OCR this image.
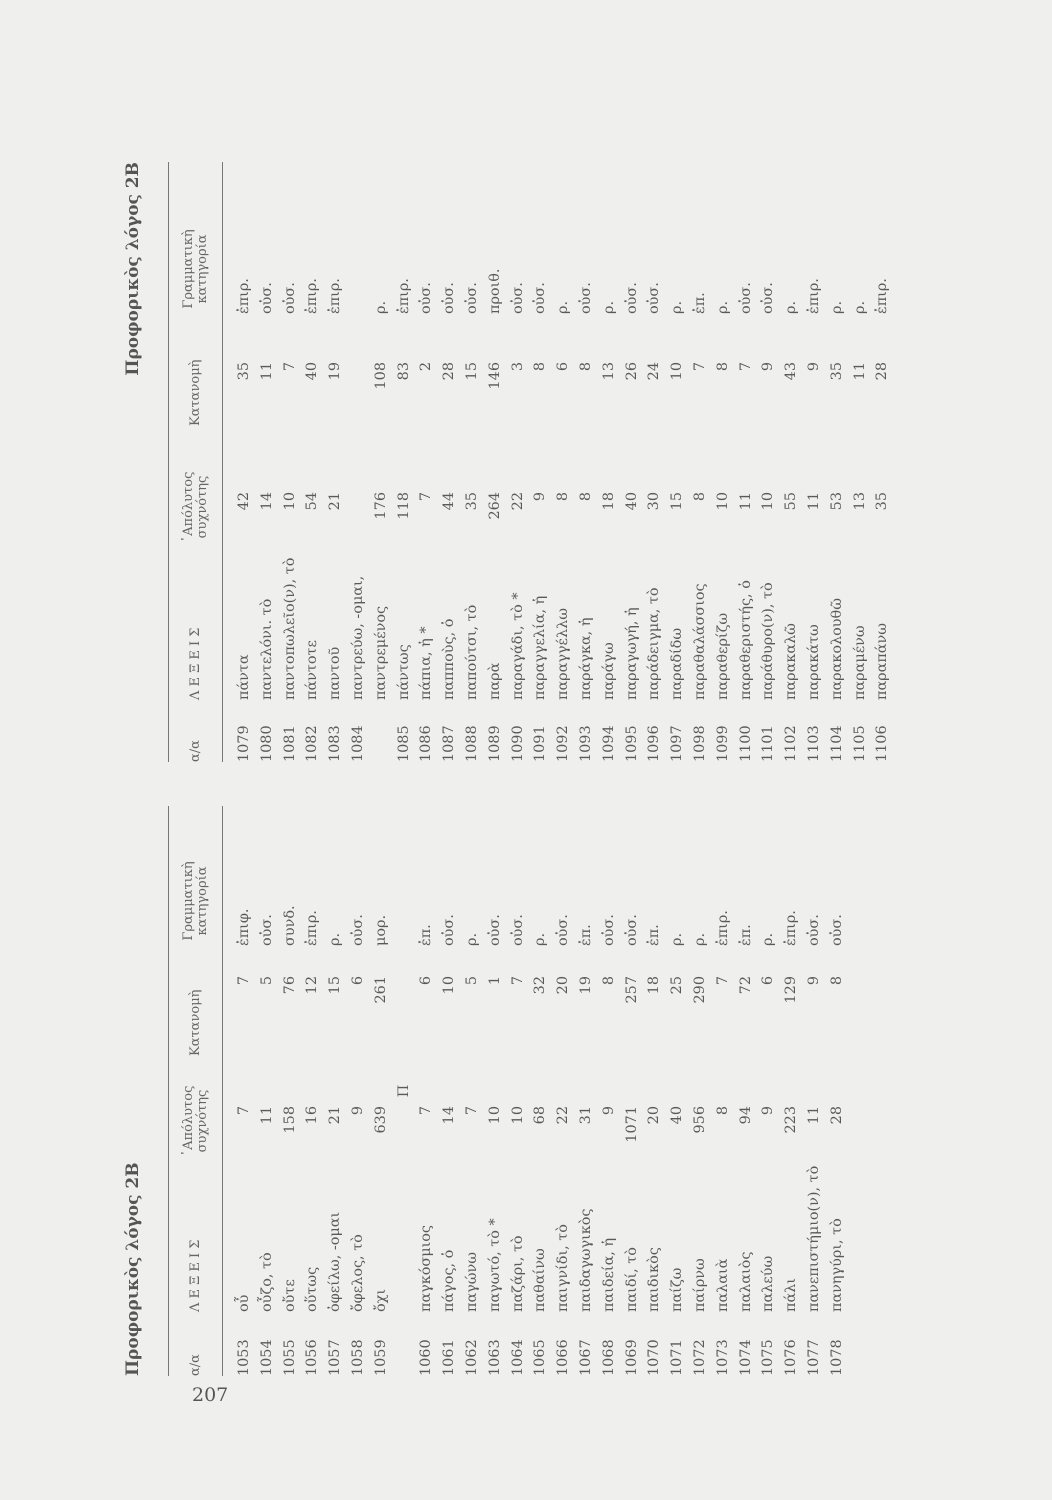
Προφορικὸς λόγος 2Β	α/α
Λ Ε Ξ Ε Ι Σ
῾Απόλυτος
συχνότης
Κατανομὴ
Γραμματικὴ
κατηγορία
1053
οὖ
7
7
ἐπιφ.
1054
οὖζο, τὸ
11
5
οὐσ.
1055
οὔτε
158
76
συνδ.
1056
οὕτως
16
12
ἐπιρ.
1057
ὀφείλω, -ομαι
21
15
ρ.
1058
ὄφελος, τὸ
9
6
οὐσ.
1059
ὄχι
639
261
μορ.
Π
1060
παγκόσμιος
7
6
ἐπ.
1061
πάγος, ὁ
14
10
οὐσ.
1062
παγώνω
7
5
ρ.
1063
παγωτό, τὸ *
10
1
οὐσ.
1064
παζάρι, τὸ
10
7
οὐσ.
1065
παθαίνω
68
32
ρ.
1066
παιγνίδι, τὸ
22
20
οὐσ.
1067
παιδαγωγικὸς
31
19
ἐπ.
1068
παιδεία, ἡ
9
8
οὐσ.
1069
παιδί, τὸ
1071
257
οὐσ.
1070
παιδικὸς
20
18
ἐπ.
1071
παίζω
40
25
ρ.
1072
παίρνω
956
290
ρ.
1073
παλαιὰ
8
7
ἐπιρ.
1074
παλαιὸς
94
72
ἐπ.
1075
παλεύω
9
6
ρ.
1076
πάλι
223
129
ἐπιρ.
1077
πανεπιστήμιο(ν), τὸ
11
9
οὐσ.
1078
πανηγύρι, τὸ
28
8
οὐσ.
Προφορικὸς λόγος 2Β
α/α
Λ Ε Ξ Ε Ι Σ
῾Απόλυτος
συχνότης
Κατανομὴ
Γραμματικὴ
κατηγορία
1079
πάντα
42
35
ἐπιρ.
1080
παντελόνι. τὸ
14
11
οὐσ.
1081
παντοπωλεῖο(ν), τὸ
10
7
οὐσ.
1082
πάντοτε
54
40
ἐπιρ.
1083
παντοῦ
21
19
ἐπιρ.
1084
παντρεύω, -ομαι, παντρεμένος
176
108
ρ.
1085
πάντως
118
83
ἐπιρ.
1086
πάπια, ἡ *
7
2
οὐσ.
1087
παπποὺς, ὁ
44
28
οὐσ.
1088
παπούτσι, τὸ
35
15
οὐσ.
1089
παρὰ
264
146
προιθ.
1090
παραγάδι, τὸ *
22
3
οὐσ.
1091
παραγγελία, ἡ
9
8
οὐσ.
1092
παραγγέλλω
8
6
ρ.
1093
παράγκα, ἡ
8
8
οὐσ.
1094
παράγω
18
13
ρ.
1095
παραγωγή, ἡ
40
26
οὐσ.
1096
παράδειγμα, τὸ
30
24
οὐσ.
1097
παραδίδω
15
10
ρ.
1098
παραθαλάσσιος
8
7
ἐπ.
1099
παραθερίζω
10
8
ρ.
1100
παραθεριστής, ὁ
11
7
οὐσ.
1101
παράθυρο(ν), τὸ
10
9
οὐσ.
1102
παρακαλῶ
55
43
ρ.
1103
παρακάτω
11
9
ἐπιρ.
1104
παρακολουθῶ
53
35
ρ.
1105
παραμένω
13
11
ρ.
1106
παραπάνω
35
28
ἐπιρ.
207
